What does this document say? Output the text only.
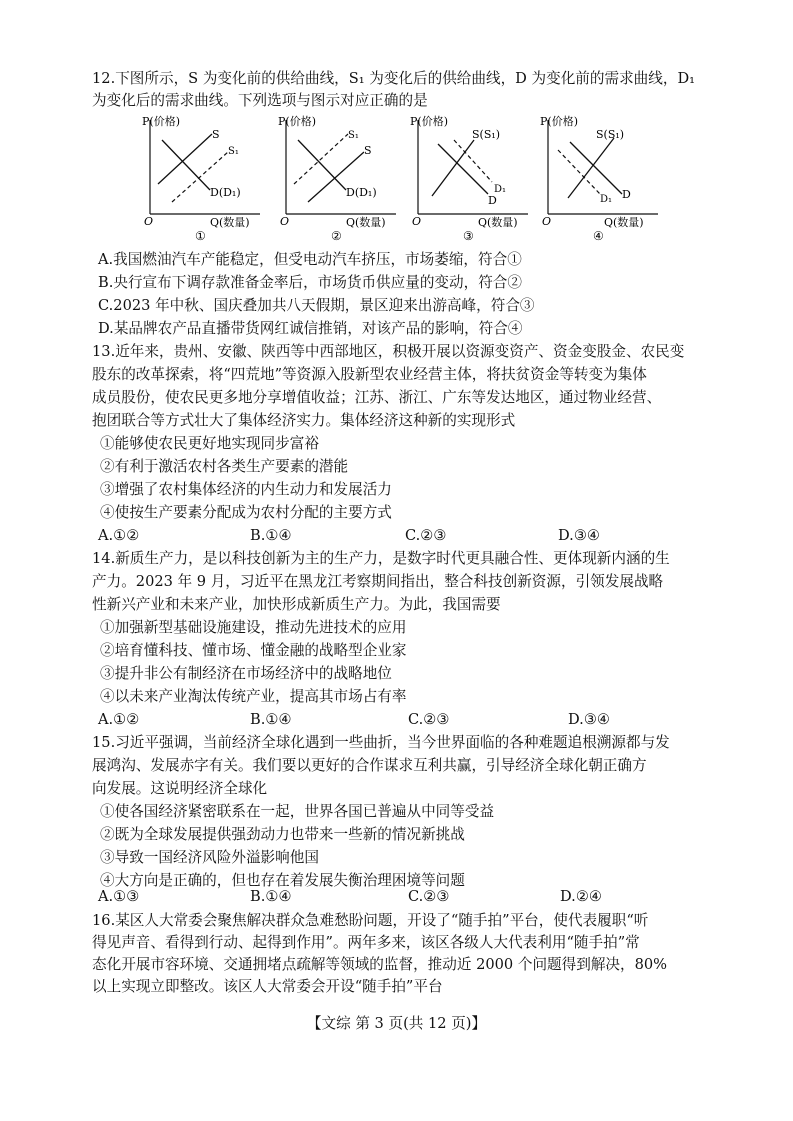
12.下图所示，S 为变化前的供给曲线，S₁ 为变化后的供给曲线，D 为变化前的需求曲线，D₁
为变化后的需求曲线。下列选项与图示对应正确的是
P(价格)
O	Q(数量)
S
S₁
D(D₁)
①
P(价格)
O	Q(数量)
S₁
S
D(D₁)
②
P(价格)
O	Q(数量)
S(S₁)
D₁
D
③
P(价格)
O	Q(数量)
S(S₁)
D₁ D
④
A.我国燃油汽车产能稳定，但受电动汽车挤压，市场萎缩，符合①
B.央行宣布下调存款准备金率后，市场货币供应量的变动，符合②
C.2023 年中秋、国庆叠加共八天假期，景区迎来出游高峰，符合③
D.某品牌农产品直播带货网红诚信推销，对该产品的影响，符合④
13.近年来，贵州、安徽、陕西等中西部地区，积极开展以资源变资产、资金变股金、农民变
股东的改革探索，将“四荒地”等资源入股新型农业经营主体，将扶贫资金等转变为集体
成员股份，使农民更多地分享增值收益；江苏、浙江、广东等发达地区，通过物业经营、
抱团联合等方式壮大了集体经济实力。集体经济这种新的实现形式
①能够使农民更好地实现同步富裕
②有利于激活农村各类生产要素的潜能
③增强了农村集体经济的内生动力和发展活力
④使按生产要素分配成为农村分配的主要方式
A.①②	B.①④	C.②③	D.③④
14.新质生产力，是以科技创新为主的生产力，是数字时代更具融合性、更体现新内涵的生
产力。2023 年 9 月，习近平在黑龙江考察期间指出，整合科技创新资源，引领发展战略
性新兴产业和未来产业，加快形成新质生产力。为此，我国需要
①加强新型基础设施建设，推动先进技术的应用
②培育懂科技、懂市场、懂金融的战略型企业家
③提升非公有制经济在市场经济中的战略地位
④以未来产业淘汰传统产业，提高其市场占有率
A.①②	B.①④	C.②③	D.③④
15.习近平强调，当前经济全球化遇到一些曲折，当今世界面临的各种难题追根溯源都与发
展鸿沟、发展赤字有关。我们要以更好的合作谋求互利共赢，引导经济全球化朝正确方
向发展。这说明经济全球化
①使各国经济紧密联系在一起，世界各国已普遍从中同等受益
②既为全球发展提供强劲动力也带来一些新的情况新挑战
③导致一国经济风险外溢影响他国
④大方向是正确的，但也存在着发展失衡治理困境等问题
A.①③	B.①④	C.②③	D.②④
16.某区人大常委会聚焦解决群众急难愁盼问题，开设了“随手拍”平台，使代表履职“听
得见声音、看得到行动、起得到作用”。两年多来，该区各级人大代表利用“随手拍”常
态化开展市容环境、交通拥堵点疏解等领域的监督，推动近 2000 个问题得到解决，80%
以上实现立即整改。该区人大常委会开设“随手拍”平台
【文综 第 3 页(共 12 页)】
